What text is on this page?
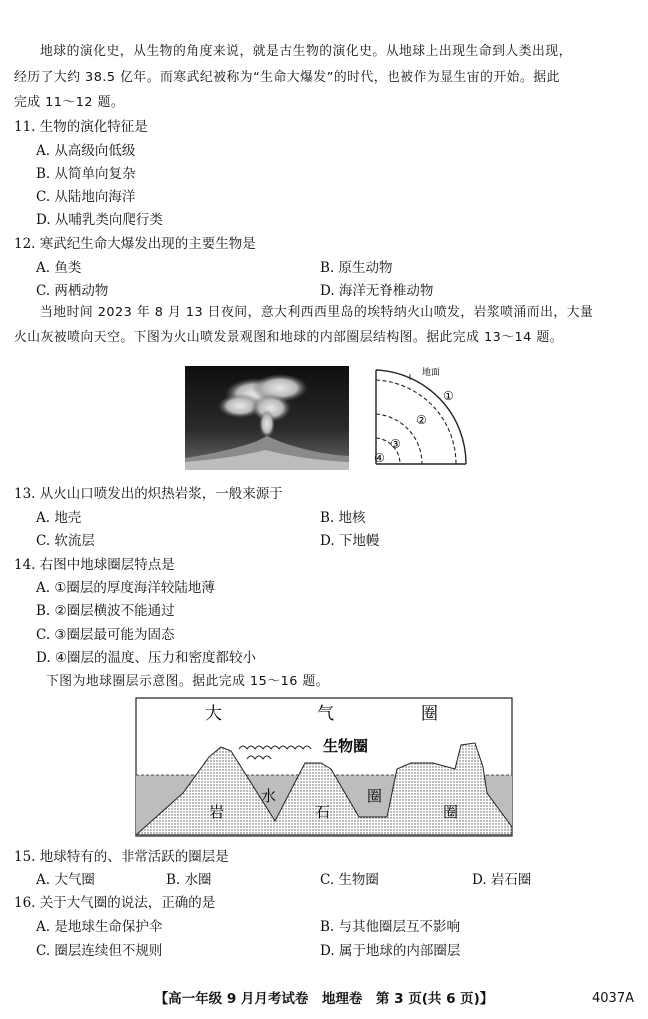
地球的演化史，从生物的角度来说，就是古生物的演化史。从地球上出现生命到人类出现，
经历了大约 38.5 亿年。而寒武纪被称为“生命大爆发”的时代，也被作为显生宙的开始。据此
完成 11～12 题。
11. 生物的演化特征是
A. 从高级向低级
B. 从简单向复杂
C. 从陆地向海洋
D. 从哺乳类向爬行类
12. 寒武纪生命大爆发出现的主要生物是
A. 鱼类	B. 原生动物
C. 两栖动物	D. 海洋无脊椎动物
当地时间 2023 年 8 月 13 日夜间，意大利西西里岛的埃特纳火山喷发，岩浆喷涌而出，大量
火山灰被喷向天空。下图为火山喷发景观图和地球的内部圈层结构图。据此完成 13～14 题。
地面
①
②
③
④
13. 从火山口喷发出的炽热岩浆，一般来源于
A. 地壳	B. 地核
C. 软流层	D. 下地幔
14. 右图中地球圈层特点是
A. ①圈层的厚度海洋较陆地薄
B. ②圈层横波不能通过
C. ③圈层最可能为固态
D. ④圈层的温度、压力和密度都较小
下图为地球圈层示意图。据此完成 15～16 题。
大	气	圈
生物圈
水
岩	石
圈
圈
15. 地球特有的、非常活跃的圈层是
A. 大气圈	B. 水圈	C. 生物圈	D. 岩石圈
16. 关于大气圈的说法，正确的是
A. 是地球生命保护伞	B. 与其他圈层互不影响
C. 圈层连续但不规则	D. 属于地球的内部圈层
【高一年级 9 月月考试卷　地理卷　第 3 页(共 6 页)】	4037A
